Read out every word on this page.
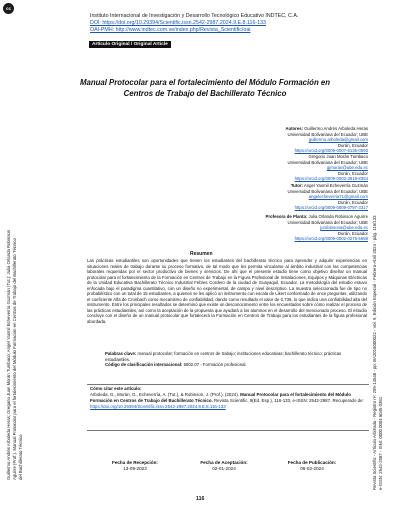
cc
Guillermo Andrés Arboleda Heras; Gregorio Juan Morán Tumbaco; Angel Yasmil Echeverría Guzmán (Tut.); Julia Orlanda Robinson Aguirre (Prof.). Manual Protocolar para el fortalecimiento del Módulo Formación en Centros de Trabajo del Bachillerato Técnico del Bachillerato Técnico	Revista Scientific - Artículo Arbitrado - Registro nº: 295-14548 - pp. BA2016000022 - Vol. 9, Edición Especial - Febrero-Abril 2024 - pág. 116/133 e-ISSN: 2542-2987 - ISNI: 0000 0004 6045 0361
Instituto Internacional de Investigación y Desarrollo Tecnológico Educativo INDTEC, C.A.
DOI: https://doi.org/10.29394/Scientific.issn.2542-2987.2024.9.E.8.116-133
OAI-PMH: http://www.indtec.com.ve/index.php/Revista_Scientific/oai
Artículo Original / Original Article
Manual Protocolar para el fortalecimiento del Módulo Formación en Centros de Trabajo del Bachillerato Técnico
Autores: Guillermo Andrés Arboleda Heras
Universidad Bolivariana del Ecuador; UBE
guillermo.arboleda@gmail.com
Durán, Ecuador
https://orcid.org/0009-0007-6136-0593
Gregorio Juan Morán Tumbaco
Universidad Bolivariana del Ecuador; UBE
gjmoran@ube.edu.ec
Durán, Ecuador
https://orcid.org/0009-0003-3819-8354
Tutor: Angel Yasmil Echeverría Guzmán
Universidad Bolivariana del Ecuador; UBE
angelecheverria71@gmail.com
Durán, Ecuador
https://orcid.org/0009-0009-0797-3317
Profesora de Planta: Julia Orlanda Robinson Aguirre
Universidad Bolivariana del Ecuador; UBE
jurobinsona@ube.edu.ec
Durán, Ecuador
https://orcid.org/0009-0002-0275-5688
Resumen
Las prácticas estudiantiles son oportunidades que tienen los estudiantes del bachillerato técnico para aprender y adquirir experiencias en situaciones reales de trabajo durante su proceso formativo, de tal modo que les permita vincularse al ámbito industrial con las competencias laborales requeridas por el sector productivo de bienes y servicios. De ahí que el presente estudio tiene como objetivo diseñar un manual protocolar para el fortalecimiento de la Formación en Centros de Trabajo en la Figura Profesional de Instalaciones, Equipos y Máquinas Eléctricas de la Unidad Educativa Bachillerato Técnico Industrial Febres Cordero de la ciudad de Guayaquil, Ecuador. La metodología del estudio estuvo enfocada bajo el paradigma cuantitativo, con un diseño no experimental, de campo y nivel descriptivo. La muestra seleccionada fue de tipo no probabilístico con un total de 15 estudiantes, a quienes se les aplicó un instrumento con escala de Likert conformado de once preguntas, utilizando el coeficiente Alfa de Cronbach como mecanismo de confiabilidad, dando como resultado el valor de 0,736, lo que indica una confiabilidad alta del instrumento. Entre los principales resultados se determinó que existe un desconocimiento entre los encuestados sobre cómo realizar el proceso de las prácticas estudiantiles, así como la aceptación de la propuesta que ayudará a los alumnos en el desarrollo del mencionado proceso. El estudio concluye con el diseño de un manual protocolar que fortalecerá la Formación en Centros de Trabajo para los estudiantes de la figura profesional abordada.
Palabras clave: manual protocolar; formación en centros de trabajo; instituciones educativas; bachillerato técnico; prácticas estudiantiles.
Código de clasificación internacional: 5802.07 - Formación profesional.
Cómo citar este artículo:
Arboleda, G., Morán, G., Echeverría, A. (Tut.), & Robinson, J. (Prof.). (2024). Manual Protocolar para el fortalecimiento del Módulo Formación en Centros de Trabajo del Bachillerato Técnico. Revista Scientific, 9(Ed. Esp.), 116-133, e-ISSN: 2542-2987. Recuperado de: https://doi.org/10.29394/Scientific.issn.2542-2987.2024.9.E.8.116-133
Fecha de Recepción:
13-09-2023
Fecha de Aceptación:
02-01-2024
Fecha de Publicación:
06-02-2024
116
